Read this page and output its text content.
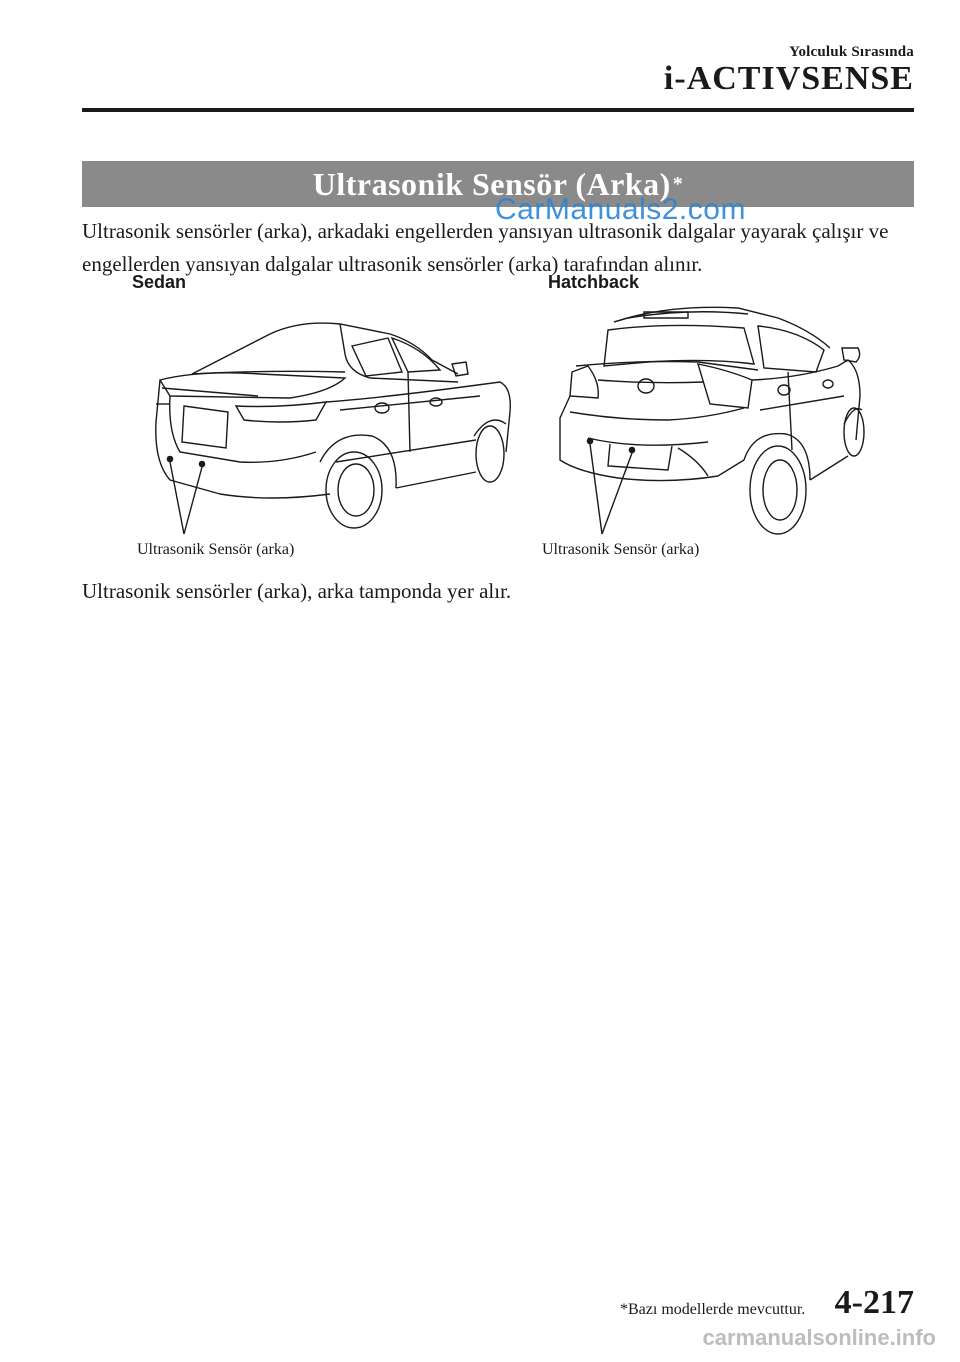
Yolculuk Sırasında
i-ACTIVSENSE
Ultrasonik Sensör (Arka) *
CarManuals2.com
Ultrasonik sensörler (arka), arkadaki engellerden yansıyan ultrasonik dalgalar yayarak çalışır ve engellerden yansıyan dalgalar ultrasonik sensörler (arka) tarafından alınır.
Sedan	Hatchback
Ultrasonik Sensör (arka)	Ultrasonik Sensör (arka)
Ultrasonik sensörler (arka), arka tamponda yer alır.
*Bazı modellerde mevcuttur. 4-217
carmanualsonline.info
